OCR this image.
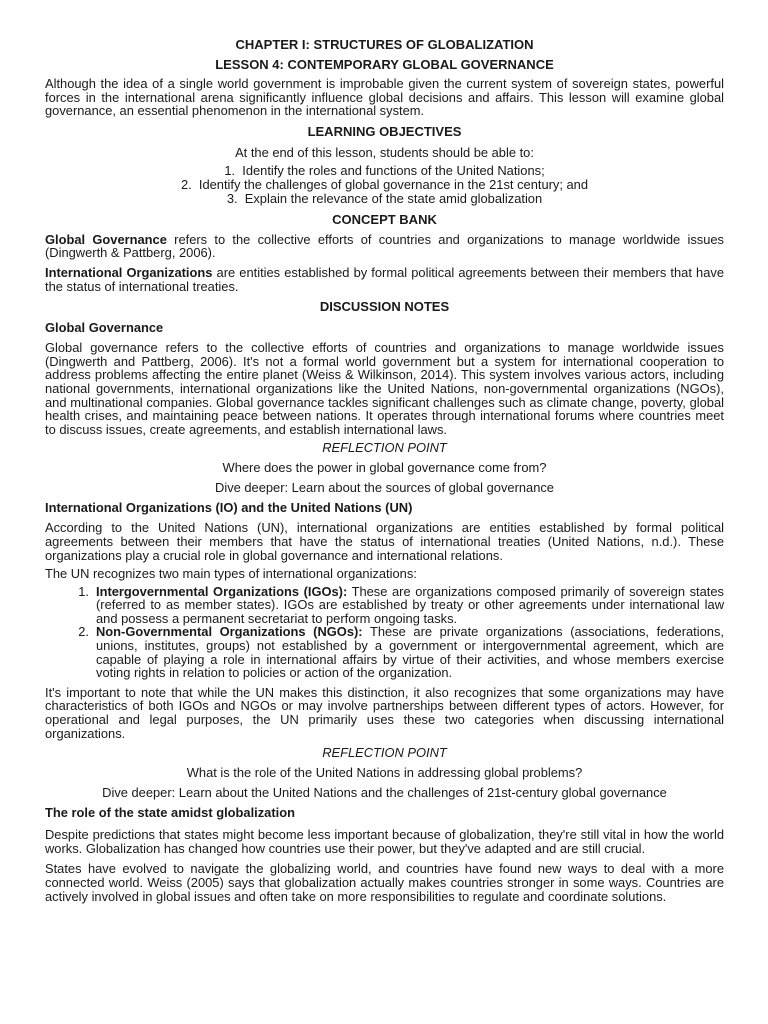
CHAPTER I: STRUCTURES OF GLOBALIZATION
LESSON 4: CONTEMPORARY GLOBAL GOVERNANCE

Although the idea of a single world government is improbable given the current system of sovereign states, powerful forces in the international arena significantly influence global decisions and affairs. This lesson will examine global governance, an essential phenomenon in the international system.

LEARNING OBJECTIVES

At the end of this lesson, students should be able to:

1. Identify the roles and functions of the United Nations;
2. Identify the challenges of global governance in the 21st century; and
3. Explain the relevance of the state amid globalization
CONCEPT BANK

Global Governance refers to the collective efforts of countries and organizations to manage worldwide issues (Dingwerth & Pattberg, 2006).

International Organizations are entities established by formal political agreements between their members that have the status of international treaties.

DISCUSSION NOTES

Global Governance

Global governance refers to the collective efforts of countries and organizations to manage worldwide issues (Dingwerth and Pattberg, 2006). It's not a formal world government but a system for international cooperation to address problems affecting the entire planet (Weiss & Wilkinson, 2014). This system involves various actors, including national governments, international organizations like the United Nations, non-governmental organizations (NGOs), and multinational companies. Global governance tackles significant challenges such as climate change, poverty, global health crises, and maintaining peace between nations. It operates through international forums where countries meet to discuss issues, create agreements, and establish international laws.

REFLECTION POINT

Where does the power in global governance come from?

Dive deeper: Learn about the sources of global governance

International Organizations (IO) and the United Nations (UN)

According to the United Nations (UN), international organizations are entities established by formal political agreements between their members that have the status of international treaties (United Nations, n.d.). These organizations play a crucial role in global governance and international relations.

The UN recognizes two main types of international organizations:

1. Intergovernmental Organizations (IGOs): These are organizations composed primarily of sovereign states (referred to as member states). IGOs are established by treaty or other agreements under international law and possess a permanent secretariat to perform ongoing tasks.
2. Non-Governmental Organizations (NGOs): These are private organizations (associations, federations, unions, institutes, groups) not established by a government or intergovernmental agreement, which are capable of playing a role in international affairs by virtue of their activities, and whose members exercise voting rights in relation to policies or action of the organization.

It's important to note that while the UN makes this distinction, it also recognizes that some organizations may have characteristics of both IGOs and NGOs or may involve partnerships between different types of actors. However, for operational and legal purposes, the UN primarily uses these two categories when discussing international organizations.

REFLECTION POINT

What is the role of the United Nations in addressing global problems?

Dive deeper: Learn about the United Nations and the challenges of 21st-century global governance

The role of the state amidst globalization

Despite predictions that states might become less important because of globalization, they're still vital in how the world works. Globalization has changed how countries use their power, but they've adapted and are still crucial.

States have evolved to navigate the globalizing world, and countries have found new ways to deal with a more connected world. Weiss (2005) says that globalization actually makes countries stronger in some ways. Countries are actively involved in global issues and often take on more responsibilities to regulate and coordinate solutions.
